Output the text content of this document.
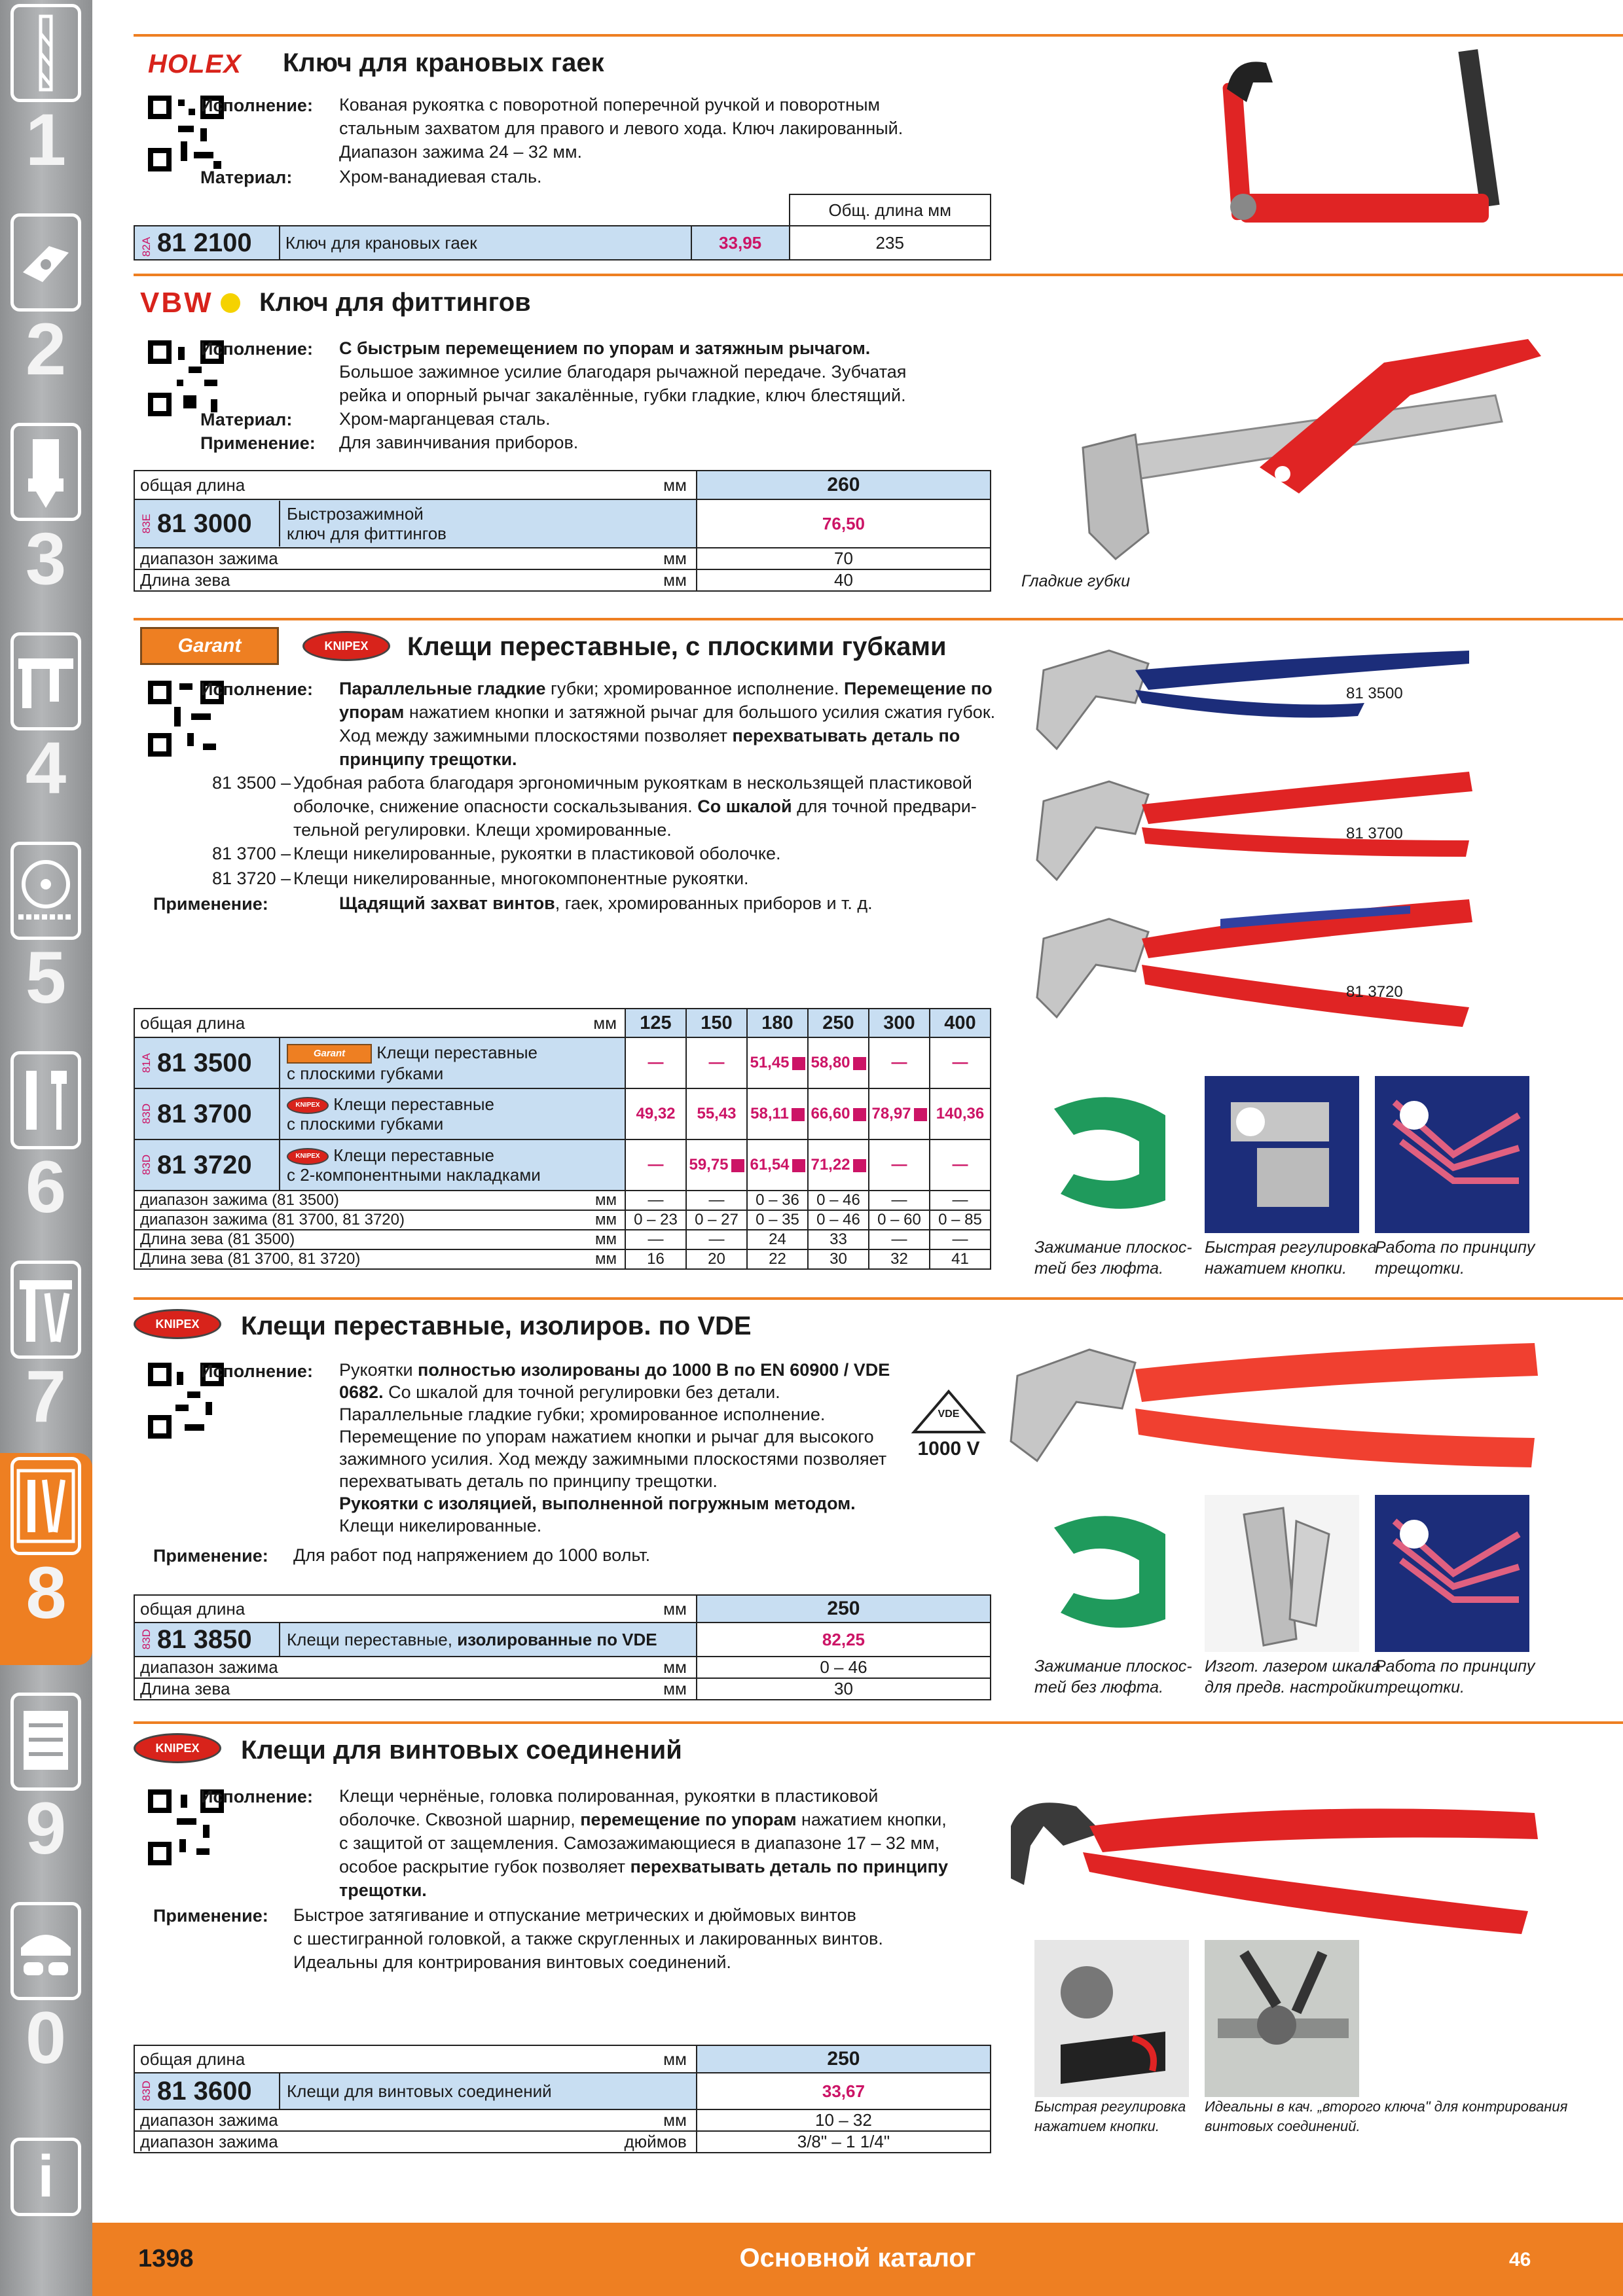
1
2
3
4
5
6
7
8
9
0
i
HOLEX Ключ для крановых гаек
Исполнение: Кованая рукоятка с поворотной поперечной ручкой и поворотным стальным захватом для правого и левого хода. Ключ лакированный. Диапазон зажима 24 – 32 мм.
Материал:	Хром-ванадиевая сталь.
			Общ. длина мм
82A 81 2100	Ключ для крановых гаек	33,95	235
VBW Ключ для фиттингов
Исполнение: С быстрым перемещением по упорам и затяжным рычагом. Большое зажимное усилие благодаря рычажной передаче. Зубчатая рейка и опорный рычаг закалённые, губки гладкие, ключ блестящий.
Материал:	Хром-марганцевая сталь.
Применение: Для завинчивания приборов.
общая длина мм	260

83E 81 3000 Быстрозажимной
ключ для фиттингов	76,50
диапазон зажима мм	70
Длина зева мм	40	Гладкие губки
Garant	KNIPEX	Клещи переставные, с плоскими губками
Исполнение: Параллельные гладкие губки; хромированное исполнение. Перемещение по упорам нажатием кнопки и затяжной рычаг для большого усилия сжатия губок. Ход между зажимными плоскостями позволяет перехватывать деталь по принципу трещотки.
81 3500 – Удобная работа благодаря эргономичным рукояткам в нескользящей пластиковой оболочке, снижение опасности соскальзывания. Со шкалой для точной предвари-тельной регулировки. Клещи хромированные.
81 3700 – Клещи никелированные, рукоятки в пластиковой оболочке.
81 3720 – Клещи никелированные, многокомпонентные рукоятки.
Применение:	Щадящий захват винтов, гаек, хромированных приборов и т. д.
общая длина мм	125	150	180	250	300	400

81A 81 3500 Garant Клещи переставные
с плоскими губками	—	—	51,45	58,80	—	—

83D 81 3700 KNIPEX Клещи переставные
с плоскими губками	49,32	55,43	58,11	66,60	78,97	140,36

83D 81 3720 KNIPEX Клещи переставные
с 2-компонентными накладками	—	59,75	61,54	71,22	—	—
диапазон зажима (81 3500) мм	—	—	0 – 36	0 – 46	—	—
диапазон зажима (81 3700, 81 3720) мм	0 – 23	0 – 27	0 – 35	0 – 46	0 – 60	0 – 85
Длина зева (81 3500) мм	—	—	24	33	—	—
Длина зева (81 3700, 81 3720) мм	16	20	22	30	32	41
81 3500
81 3700
81 3720
Зажимание плоскос-
тей без люфта.
Быстрая регулировка
нажатием кнопки.
Работа по принципу
трещотки.
KNIPEX	Клещи переставные, изолиров. по VDE
Исполнение: Рукоятки полностью изолированы до 1000 В по EN 60900 / VDE
0682. Со шкалой для точной регулировки без детали.
Параллельные гладкие губки; хромированное исполнение.
Перемещение по упорам нажатием кнопки и рычаг для высокого
зажимного усилия. Ход между зажимными плоскостями позволяет
перехватывать деталь по принципу трещотки.
Рукоятки с изоляцией, выполненной погружным методом.
Клещи никелированные.
Применение: Для работ под напряжением до 1000 вольт.
VDE
1000 V
общая длина мм	250

83D 81 3850 Клещи переставные, изолированные по VDE	82,25
диапазон зажима мм	0 – 46
Длина зева мм	30
Зажимание плоскос-
тей без люфта.
Изгот. лазером шкала
для предв. настройки.
Работа по принципу
трещотки.
KNIPEX	Клещи для винтовых соединений
Исполнение: Клещи чернёные, головка полированная, рукоятки в пластиковой
оболочке. Сквозной шарнир, перемещение по упорам нажатием кнопки,
с защитой от защемления. Самозажимающиеся в диапазоне 17 – 32 мм,
особое раскрытие губок позволяет перехватывать деталь по принципу
трещотки.
Применение: Быстрое затягивание и отпускание метрических и дюймовых винтов
с шестигранной головкой, а также скругленных и лакированных винтов.
Идеальны для контрирования винтовых соединений.
общая длина мм	250

83D 81 3600 Клещи для винтовых соединений	33,67
диапазон зажима мм	10 – 32
диапазон зажима дюймов	3/8" – 1 1/4"
Быстрая регулировка
нажатием кнопки.
Идеальны в кач. „второго ключа" для контрирования
винтовых соединений.
1398	Основной каталог	46
